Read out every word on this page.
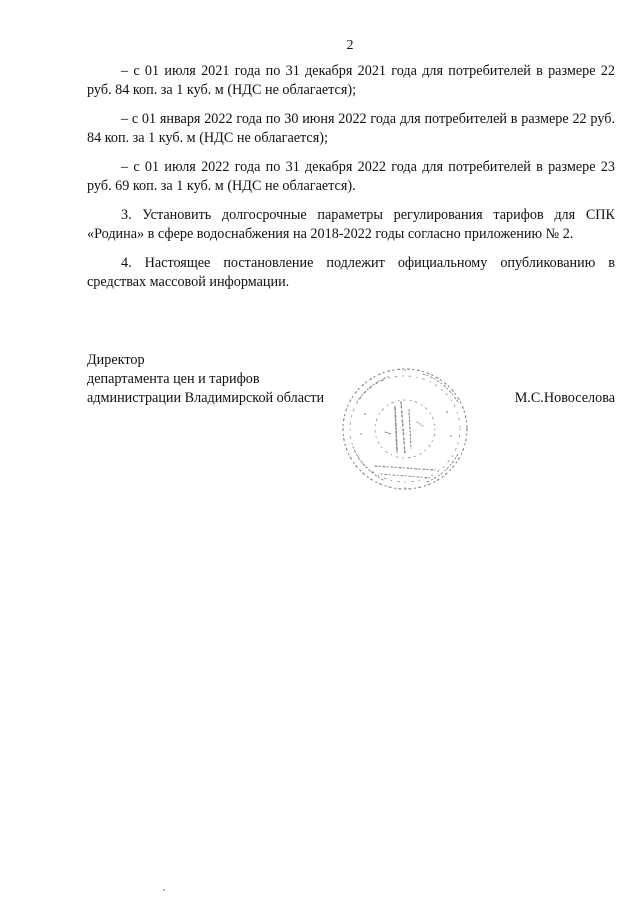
2

– с 01 июля 2021 года по 31 декабря 2021 года для потребителей в размере 22 руб. 84 коп. за 1 куб. м (НДС не облагается);

– с 01 января 2022 года по 30 июня 2022 года для потребителей в размере 22 руб. 84 коп. за 1 куб. м (НДС не облагается);

– с 01 июля 2022 года по 31 декабря 2022 года для потребителей в размере 23 руб. 69 коп. за 1 куб. м (НДС не облагается).

3. Установить долгосрочные параметры регулирования тарифов для СПК «Родина» в сфере водоснабжения на 2018-2022 годы согласно приложению № 2.

4. Настоящее постановление подлежит официальному опубликованию в средствах массовой информации.

Директор
департамента цен и тарифов
администрации Владимирской области	М.С.Новоселова
